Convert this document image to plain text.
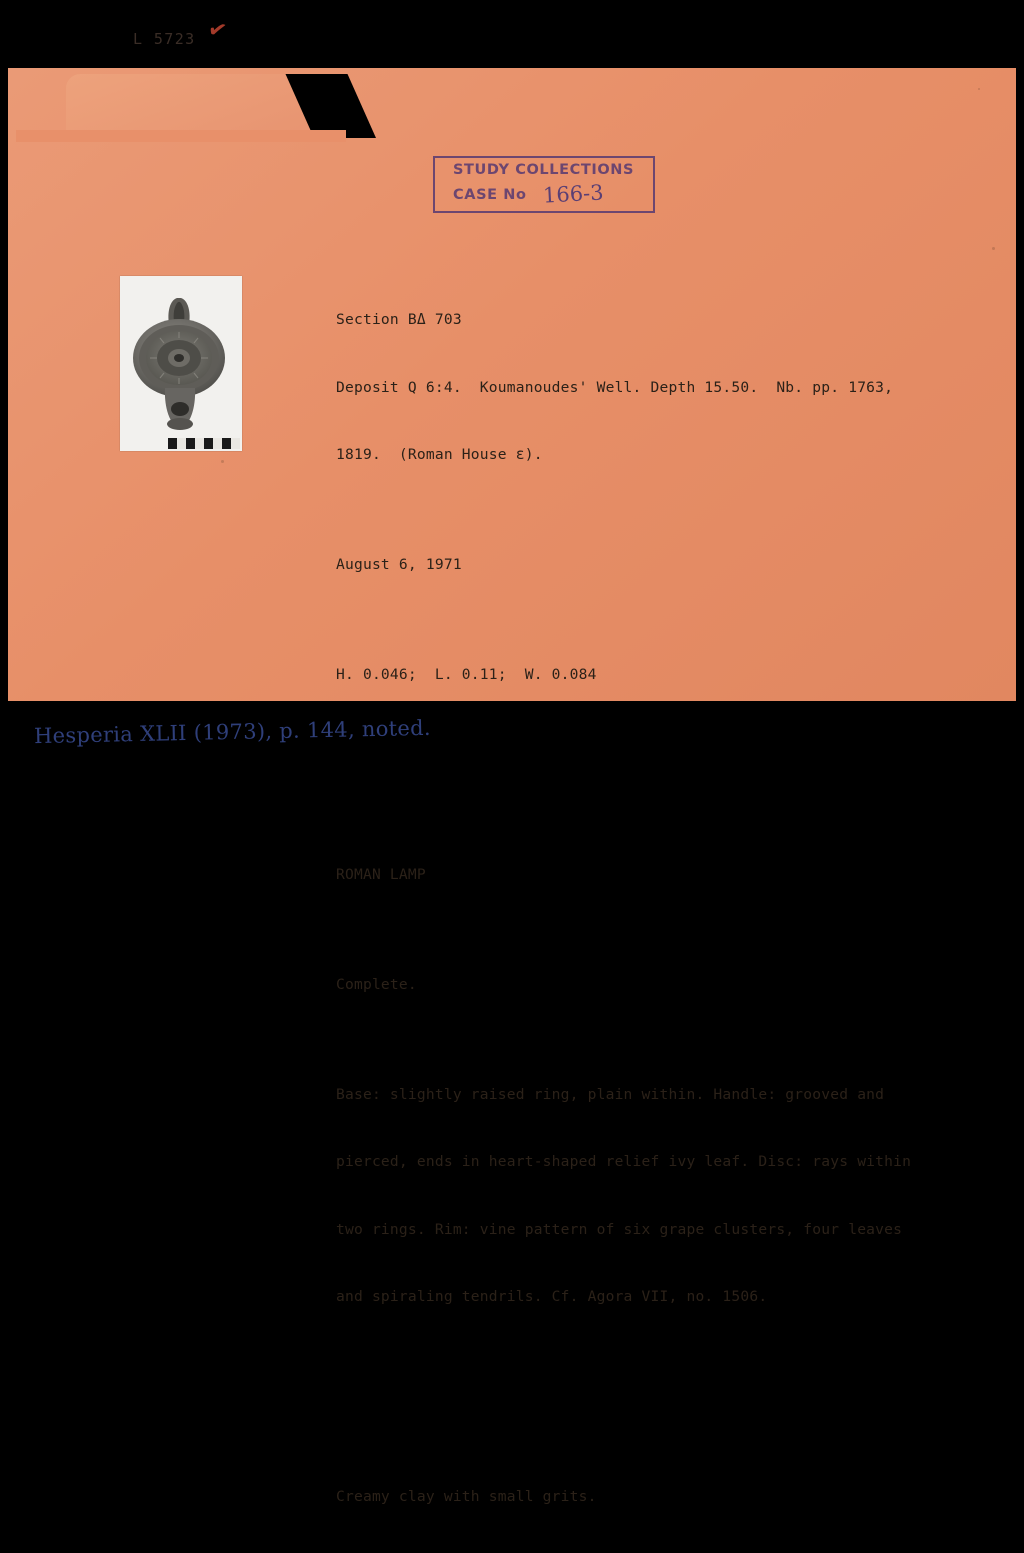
STUDY COLLECTIONS
CASE No 166-3

Section BΔ 703

Deposit Q 6:4.  Koumanoudes' Well. Depth 15.50.  Nb. pp. 1763,

1819.  (Roman House ε).

August 6, 1971

H. 0.046;  L. 0.11;  W. 0.084

ROMAN LAMP

Complete.

Base: slightly raised ring, plain within. Handle: grooved and

pierced, ends in heart-shaped relief ivy leaf. Disc: rays within

two rings. Rim: vine pattern of six grape clusters, four leaves

and spiraling tendrils. Cf. Agora VII, no. 1506.

Creamy clay with small grits.

Hesperia XLII (1973), p. 144, noted.
L 5723 ✔
